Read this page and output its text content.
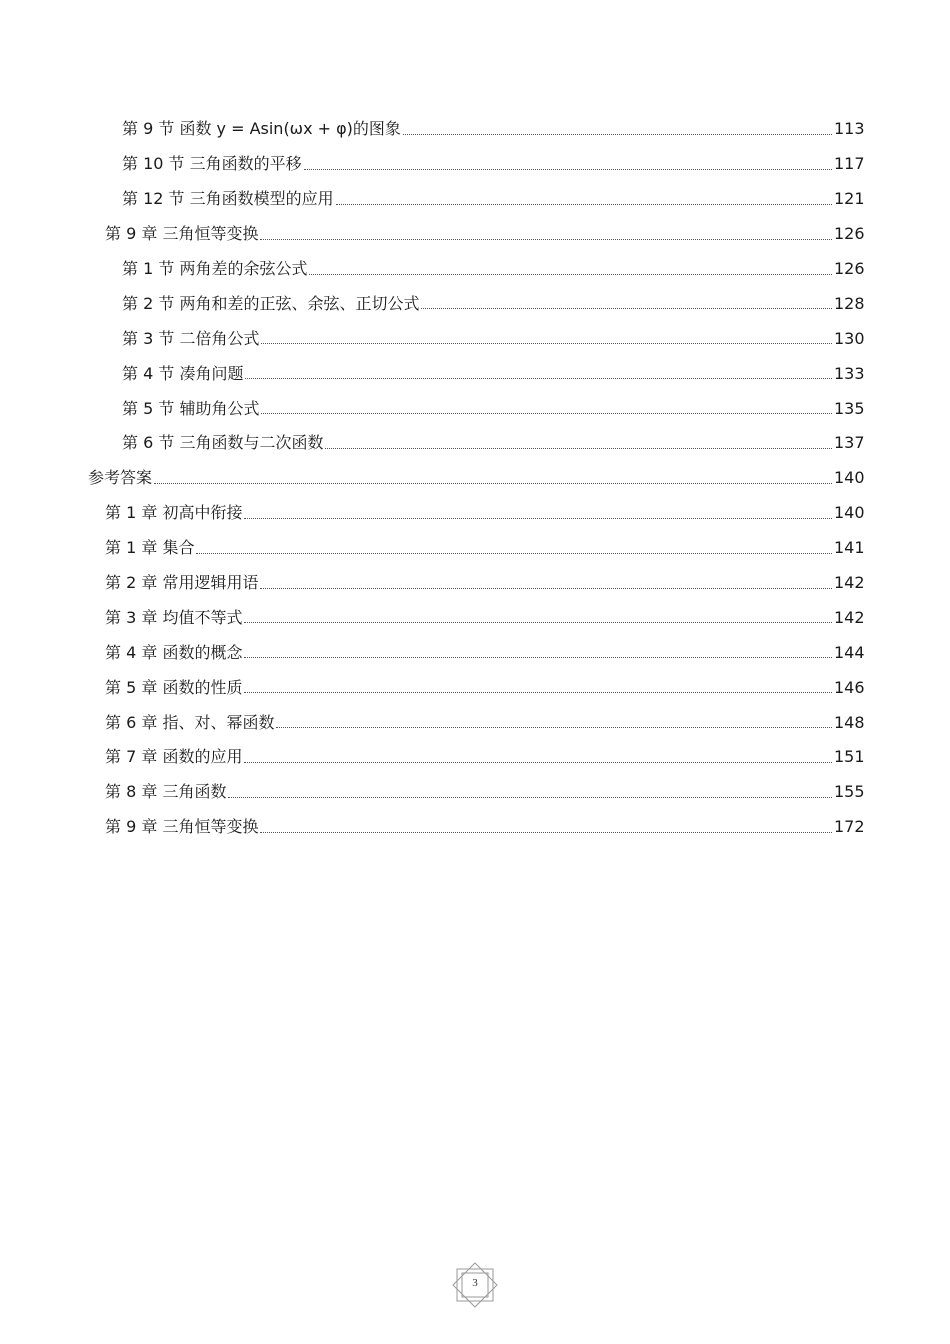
第 9 节 函数 y = Asin(ωx + φ)的图象	113
第 10 节 三角函数的平移	117
第 12 节 三角函数模型的应用	121
第 9 章 三角恒等变换	126
第 1 节 两角差的余弦公式	126
第 2 节 两角和差的正弦、余弦、正切公式	128
第 3 节 二倍角公式	130
第 4 节 凑角问题	133
第 5 节 辅助角公式	135
第 6 节 三角函数与二次函数	137
参考答案	140
第 1 章 初高中衔接	140
第 1 章 集合	141
第 2 章 常用逻辑用语	142
第 3 章 均值不等式	142
第 4 章 函数的概念	144
第 5 章 函数的性质	146
第 6 章 指、对、幂函数	148
第 7 章 函数的应用	151
第 8 章 三角函数	155
第 9 章 三角恒等变换	172
3
